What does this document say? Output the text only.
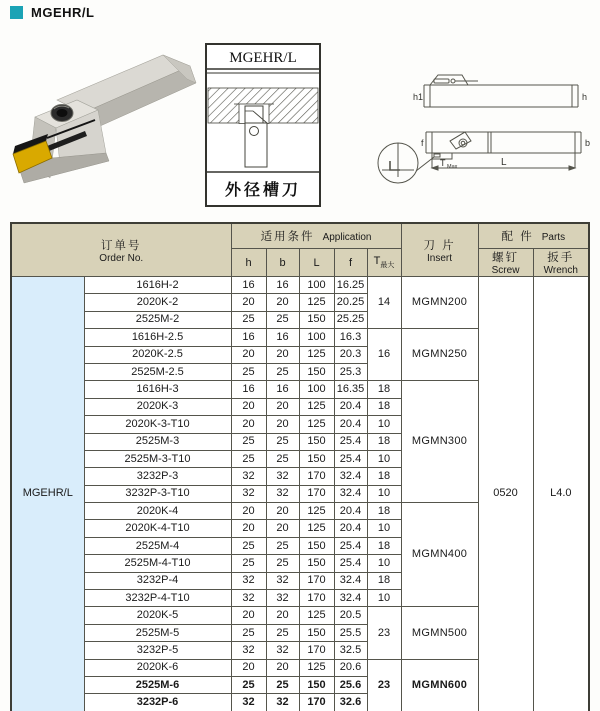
MGEHR/L
MGEHR/L
外径槽刀
h1	h
f	b
L
T Max
订单号
Order No.

适用条件 Application

刀 片
Insert

配 件 Parts

h	b	L	f	$T_{最大}$	
螺钉
Screw

扳手
Wrench

MGEHR/L	1616H-2	16	16	100	16.25	14	MGMN200	0520	L4.0
	2020K-2	20	20	125	20.25				
	2525M-2	25	25	150	25.25				
	1616H-2.5	16	16	100	16.3	16	MGMN250		
	2020K-2.5	20	20	125	20.3				
	2525M-2.5	25	25	150	25.3				
	1616H-3	16	16	100	16.35	18	MGMN300		
	2020K-3	20	20	125	20.4	18			
	2020K-3-T10	20	20	125	20.4	10			
	2525M-3	25	25	150	25.4	18			
	2525M-3-T10	25	25	150	25.4	10			
	3232P-3	32	32	170	32.4	18			
	3232P-3-T10	32	32	170	32.4	10			
	2020K-4	20	20	125	20.4	18	MGMN400		
	2020K-4-T10	20	20	125	20.4	10			
	2525M-4	25	25	150	25.4	18			
	2525M-4-T10	25	25	150	25.4	10			
	3232P-4	32	32	170	32.4	18			
	3232P-4-T10	32	32	170	32.4	10			
	2020K-5	20	20	125	20.5	23	MGMN500		
	2525M-5	25	25	150	25.5				
	3232P-5	32	32	170	32.5				
	2020K-6	20	20	125	20.6	23	MGMN600		
	2525M-6	25	25	150	25.6				
	3232P-6	32	32	170	32.6				
